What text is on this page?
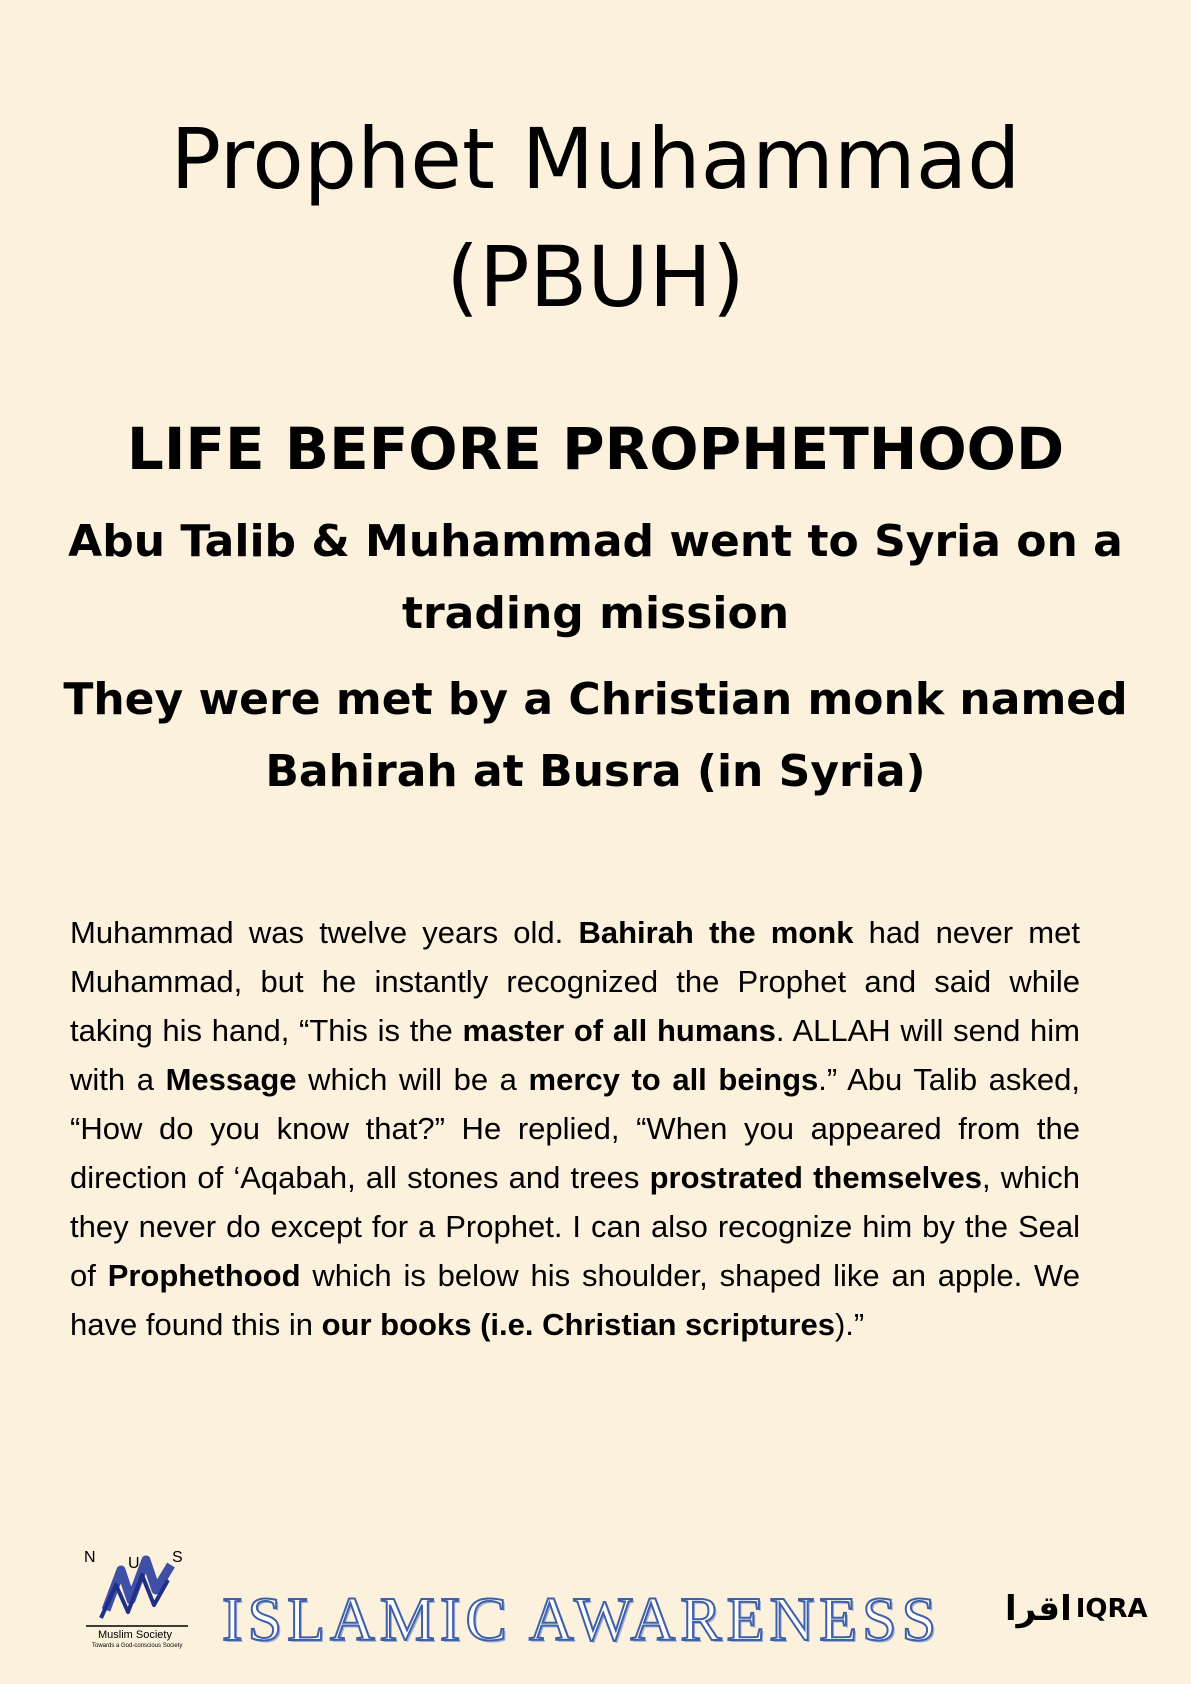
Prophet Muhammad
(PBUH)
LIFE BEFORE PROPHETHOOD
Abu Talib & Muhammad went to Syria on a trading mission
They were met by a Christian monk named Bahirah at Busra (in Syria)
Muhammad was twelve years old. Bahirah the monk had never met Muhammad, but he instantly recognized the Prophet and said while taking his hand, “This is the master of all humans. ALLAH will send him with a Message which will be a mercy to all beings.” Abu Talib asked, “How do you know that?” He replied, “When you appeared from the direction of ‘Aqabah, all stones and trees prostrated themselves, which they never do except for a Prophet. I can also recognize him by the Seal of Prophethood which is below his shoulder, shaped like an apple. We have found this in our books (i.e. Christian scriptures).”
N U S
Muslim Society
Towards a God-conscious Society ISLAMIC AWARENESS	اقرا IQRA
